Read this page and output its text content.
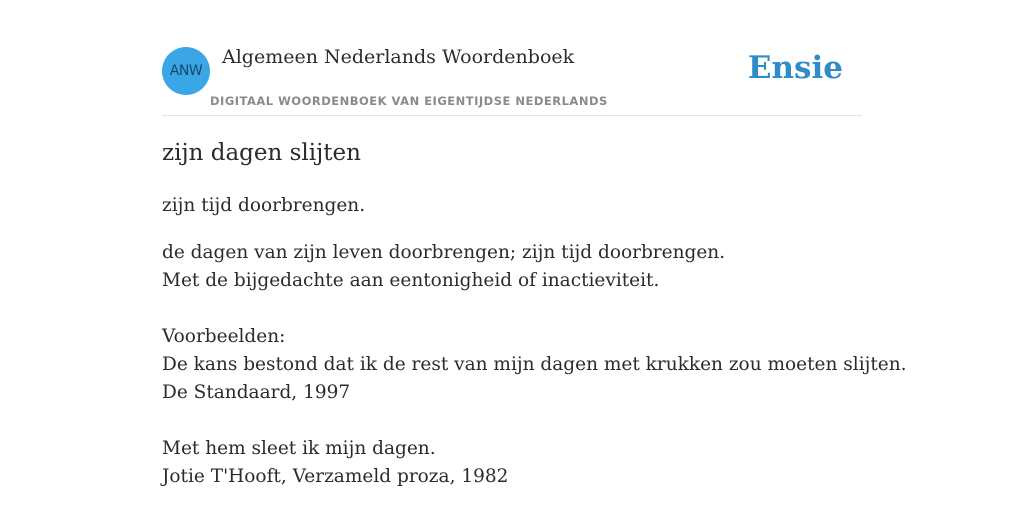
ANW
Algemeen Nederlands Woordenboek
DIGITAAL WOORDENBOEK VAN EIGENTIJDSE NEDERLANDS
Ensie
zijn dagen slijten
zijn tijd doorbrengen.
de dagen van zijn leven doorbrengen; zijn tijd doorbrengen.
Met de bijgedachte aan eentonigheid of inactieviteit.
Voorbeelden:
De kans bestond dat ik de rest van mijn dagen met krukken zou moeten slijten.
De Standaard, 1997
Met hem sleet ik mijn dagen.
Jotie T'Hooft, Verzameld proza, 1982
